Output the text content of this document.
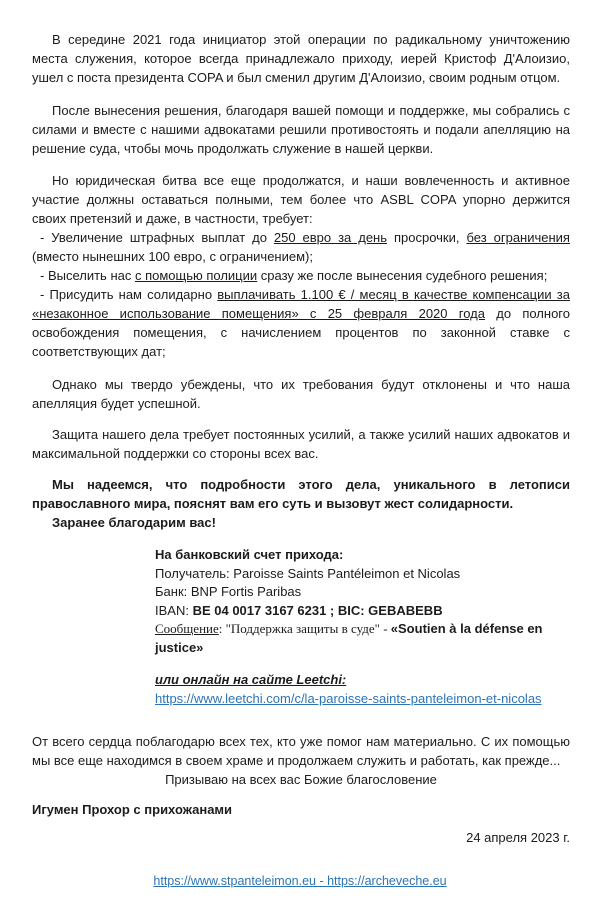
В середине 2021 года инициатор этой операции по радикальному уничтожению места служения, которое всегда принадлежало приходу, иерей Кристоф Д'Алоизио, ушел с поста президента COPA и был сменил другим Д'Алоизио, своим родным отцом.

После вынесения решения, благодаря вашей помощи и поддержке, мы собрались с силами и вместе с нашими адвокатами решили противостоять и подали апелляцию на решение суда, чтобы мочь продолжать служение в нашей церкви.

Но юридическая битва все еще продолжатся, и наши вовлеченность и активное участие должны оставаться полными, тем более что ASBL COPA упорно держится своих претензий и даже, в частности, требует:

- Увеличение штрафных выплат до 250 евро за день просрочки, без ограничения (вместо нынешних 100 евро, с ограничением);

- Выселить нас с помощью полиции сразу же после вынесения судебного решения;

- Присудить нам солидарно выплачивать 1.100 € / месяц в качестве компенсации за «незаконное использование помещения» с 25 февраля 2020 года до полного освобождения помещения, с начислением процентов по законной ставке с соответствующих дат;

Однако мы твердо убеждены, что их требования будут отклонены и что наша апелляция будет успешной.

Защита нашего дела требует постоянных усилий, а также усилий наших адвокатов и максимальной поддержки со стороны всех вас.

Мы надеемся, что подробности этого дела, уникального в летописи православного мира, пояснят вам его суть и вызовут жест солидарности.

Заранее благодарим вас!

На банковский счет прихода:

Получатель: Paroisse Saints Pantéleimon et Nicolas

Банк: BNP Fortis Paribas

IBAN: BE 04 0017 3167 6231 ; BIC: GEBABEBB

Сообщение: "Поддержка защиты в суде" - «Soutien à la défense en justice»

или онлайн на сайте Leetchi:

https://www.leetchi.com/c/la-paroisse-saints-panteleimon-et-nicolas

От всего сердца поблагодарю всех тех, кто уже помог нам материально. С их помощью мы все еще находимся в своем храме и продолжаем служить и работать, как прежде...

Призываю на всех вас Божие благословение

Игумен Прохор с прихожанами

24 апреля 2023 г.

https://www.stpanteleimon.eu - https://archeveche.eu
